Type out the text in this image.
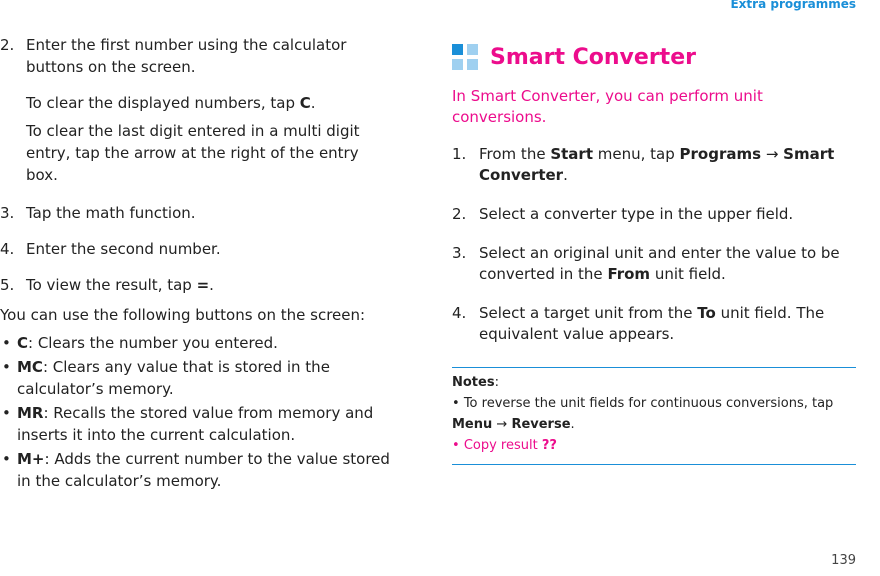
Extra programmes
2. Enter the first number using the calculator buttons on the screen.
To clear the displayed numbers, tap C.
To clear the last digit entered in a multi digit entry, tap the arrow at the right of the entry box.
3. Tap the math function.
4. Enter the second number.
5. To view the result, tap =.
You can use the following buttons on the screen:
• C: Clears the number you entered.
• MC: Clears any value that is stored in the calculator’s memory.
• MR: Recalls the stored value from memory and inserts it into the current calculation.
• M+: Adds the current number to the value stored in the calculator’s memory.
Smart Converter
In Smart Converter, you can perform unit conversions.
1. From the Start menu, tap Programs → Smart Converter.
2. Select a converter type in the upper field.
3. Select an original unit and enter the value to be converted in the From unit field.
4. Select a target unit from the To unit field. The equivalent value appears.
Notes:
• To reverse the unit fields for continuous conversions, tap Menu → Reverse.
• Copy result ??
139
